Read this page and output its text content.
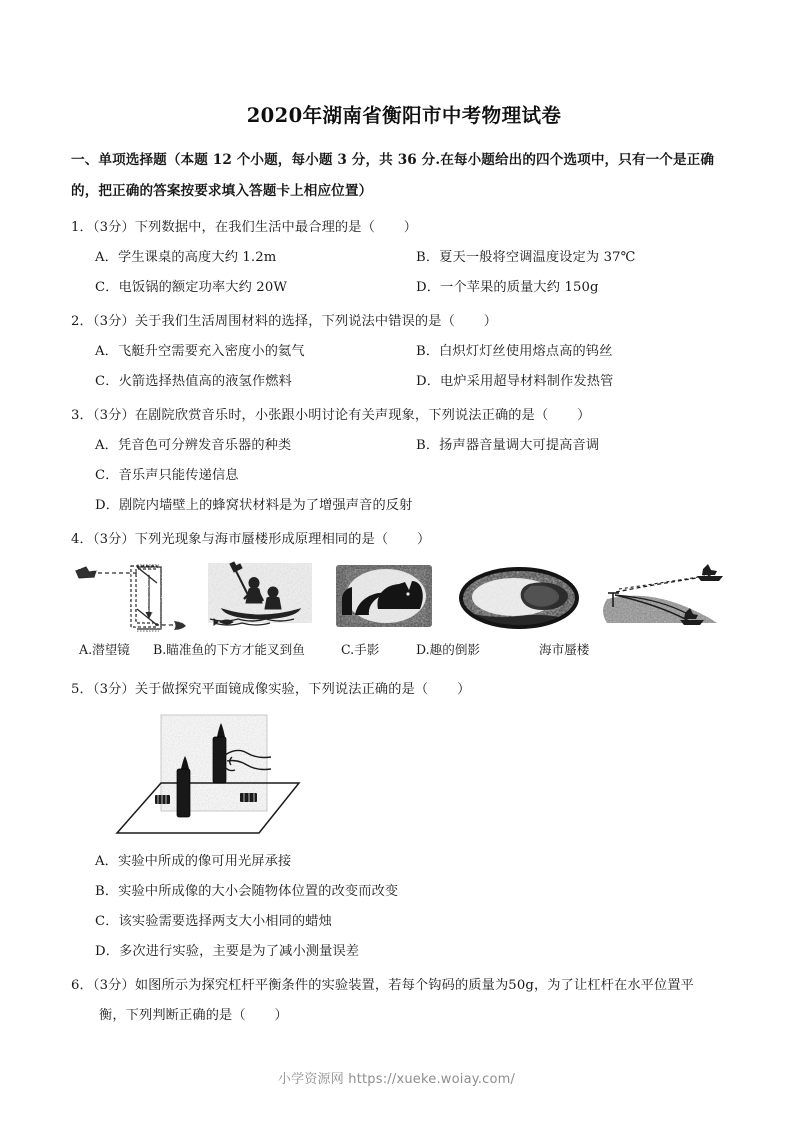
2020年湖南省衡阳市中考物理试卷
一、单项选择题（本题 12 个小题，每小题 3 分，共 36 分.在每小题给出的四个选项中，只有一个是正确的，把正确的答案按要求填入答题卡上相应位置）
1．（3分）下列数据中，在我们生活中最合理的是（ ）
A．学生课桌的高度大约 1.2m	B．夏天一般将空调温度设定为 37℃
C．电饭锅的额定功率大约 20W	D．一个苹果的质量大约 150g
2．（3分）关于我们生活周围材料的选择，下列说法中错误的是（ ）
A．飞艇升空需要充入密度小的氦气	B．白炽灯灯丝使用熔点高的钨丝
C．火箭选择热值高的液氢作燃料	D．电炉采用超导材料制作发热管
3．（3分）在剧院欣赏音乐时，小张跟小明讨论有关声现象，下列说法正确的是（ ）
A．凭音色可分辨发音乐器的种类	B．扬声器音量调大可提高音调
C．音乐声只能传递信息
D．剧院内墙壁上的蜂窝状材料是为了增强声音的反射
4．（3分）下列光现象与海市蜃楼形成原理相同的是（ ）
A.潜望镜 B.瞄准鱼的下方才能叉到鱼	C.手影	D.趣的倒影	海市蜃楼
5．（3分）关于做探究平面镜成像实验，下列说法正确的是（ ）
A．实验中所成的像可用光屏承接
B．实验中所成像的大小会随物体位置的改变而改变
C．该实验需要选择两支大小相同的蜡烛
D．多次进行实验，主要是为了减小测量误差
6．（3分）如图所示为探究杠杆平衡条件的实验装置，若每个钩码的质量为50g，为了让杠杆在水平位置平
衡，下列判断正确的是（ ）
小学资源网 https://xueke.woiay.com/
